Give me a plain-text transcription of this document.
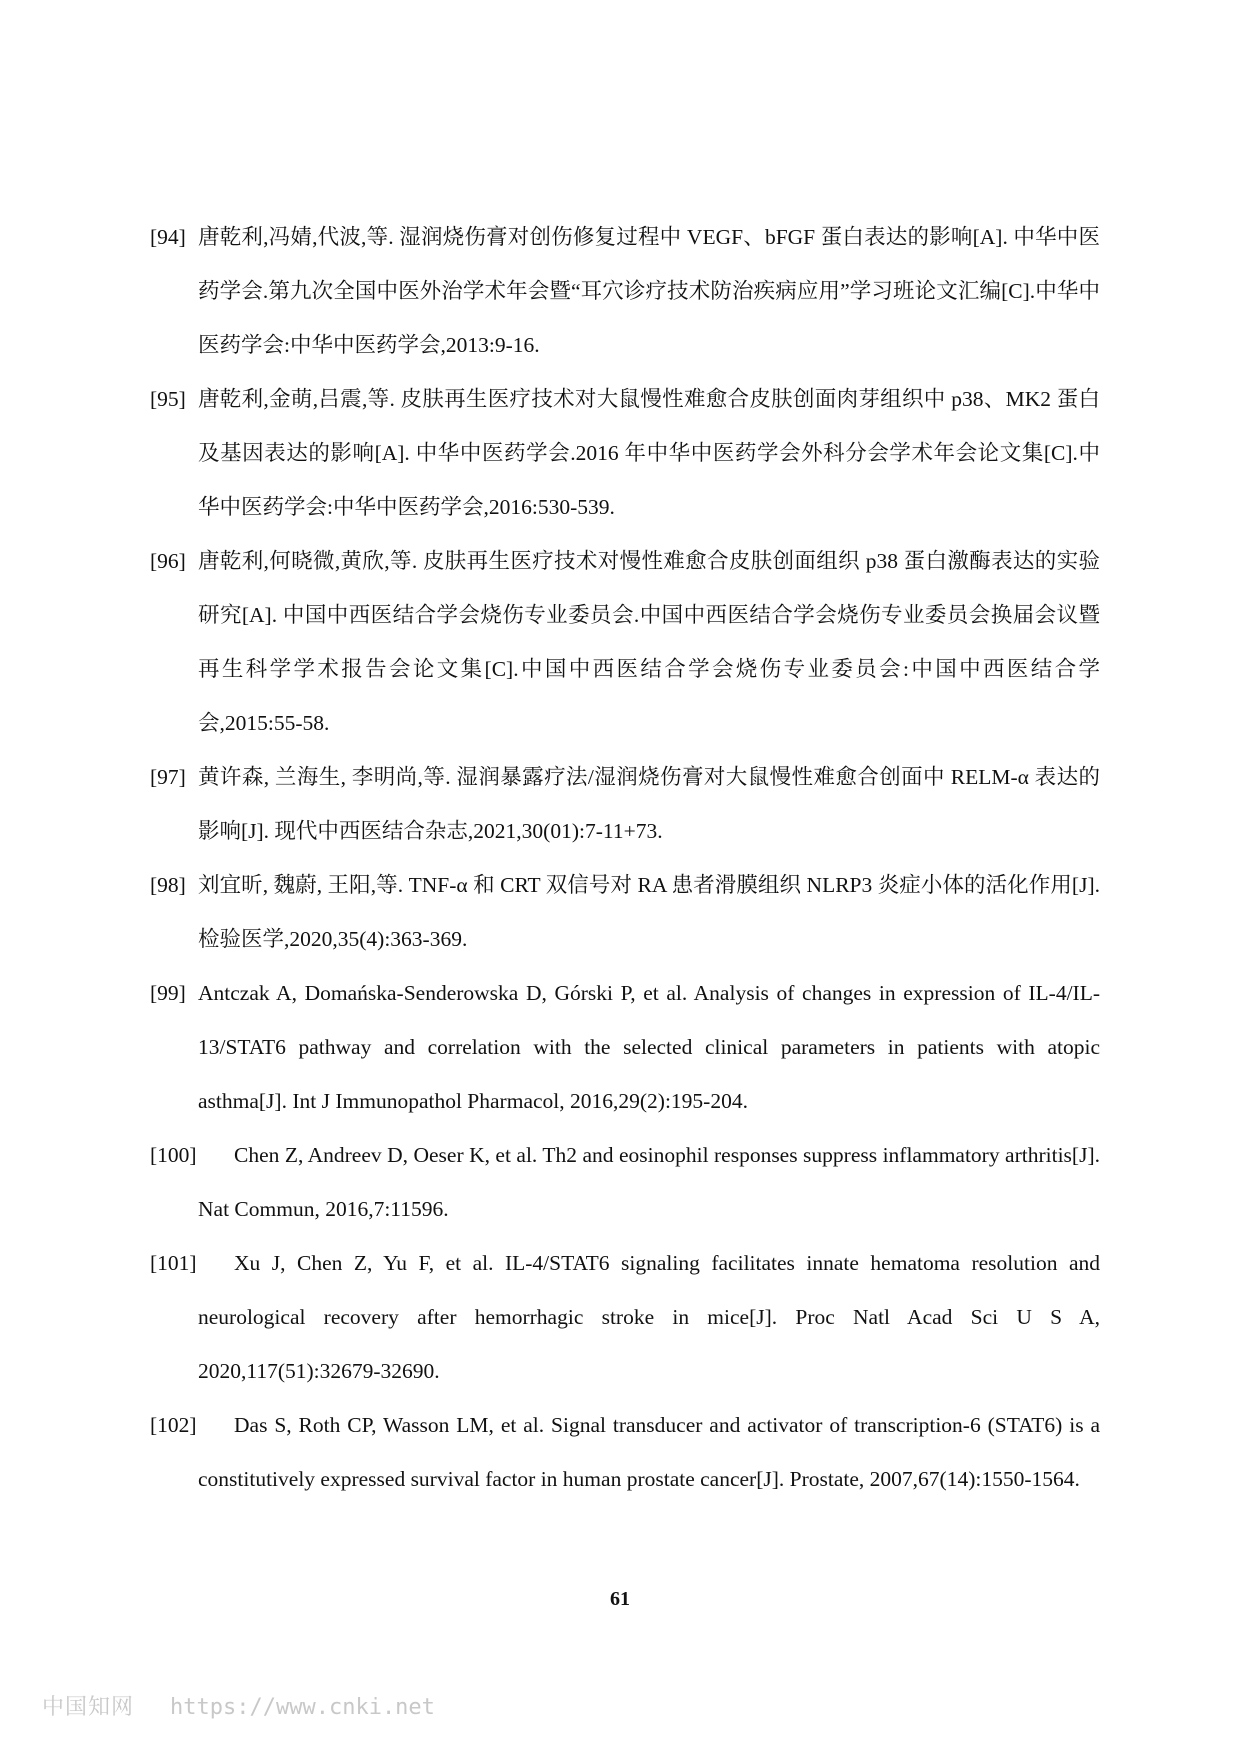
[94] 唐乾利,冯婧,代波,等. 湿润烧伤膏对创伤修复过程中 VEGF、bFGF 蛋白表达的影响[A]. 中华中医药学会.第九次全国中医外治学术年会暨“耳穴诊疗技术防治疾病应用”学习班论文汇编[C].中华中医药学会:中华中医药学会,2013:9-16.
[95] 唐乾利,金萌,吕震,等. 皮肤再生医疗技术对大鼠慢性难愈合皮肤创面肉芽组织中 p38、MK2 蛋白及基因表达的影响[A]. 中华中医药学会.2016 年中华中医药学会外科分会学术年会论文集[C].中华中医药学会:中华中医药学会,2016:530-539.
[96] 唐乾利,何晓微,黄欣,等. 皮肤再生医疗技术对慢性难愈合皮肤创面组织 p38 蛋白激酶表达的实验研究[A]. 中国中西医结合学会烧伤专业委员会.中国中西医结合学会烧伤专业委员会换届会议暨再生科学学术报告会论文集[C].中国中西医结合学会烧伤专业委员会:中国中西医结合学会,2015:55-58.
[97] 黄许森, 兰海生, 李明尚,等. 湿润暴露疗法/湿润烧伤膏对大鼠慢性难愈合创面中 RELM-α 表达的影响[J]. 现代中西医结合杂志,2021,30(01):7-11+73.
[98] 刘宜昕, 魏蔚, 王阳,等. TNF-α 和 CRT 双信号对 RA 患者滑膜组织 NLRP3 炎症小体的活化作用[J]. 检验医学,2020,35(4):363-369.
[99] Antczak A, Domańska-Senderowska D, Górski P, et al. Analysis of changes in expression of IL-4/IL-13/STAT6 pathway and correlation with the selected clinical parameters in patients with atopic asthma[J]. Int J Immunopathol Pharmacol, 2016,29(2):195-204.
[100] Chen Z, Andreev D, Oeser K, et al. Th2 and eosinophil responses suppress inflammatory arthritis[J]. Nat Commun, 2016,7:11596.
[101] Xu J, Chen Z, Yu F, et al. IL-4/STAT6 signaling facilitates innate hematoma resolution and neurological recovery after hemorrhagic stroke in mice[J]. Proc Natl Acad Sci U S A, 2020,117(51):32679-32690.
[102] Das S, Roth CP, Wasson LM, et al. Signal transducer and activator of transcription-6 (STAT6) is a constitutively expressed survival factor in human prostate cancer[J]. Prostate, 2007,67(14):1550-1564.
61
中国知网 https://www.cnki.net
